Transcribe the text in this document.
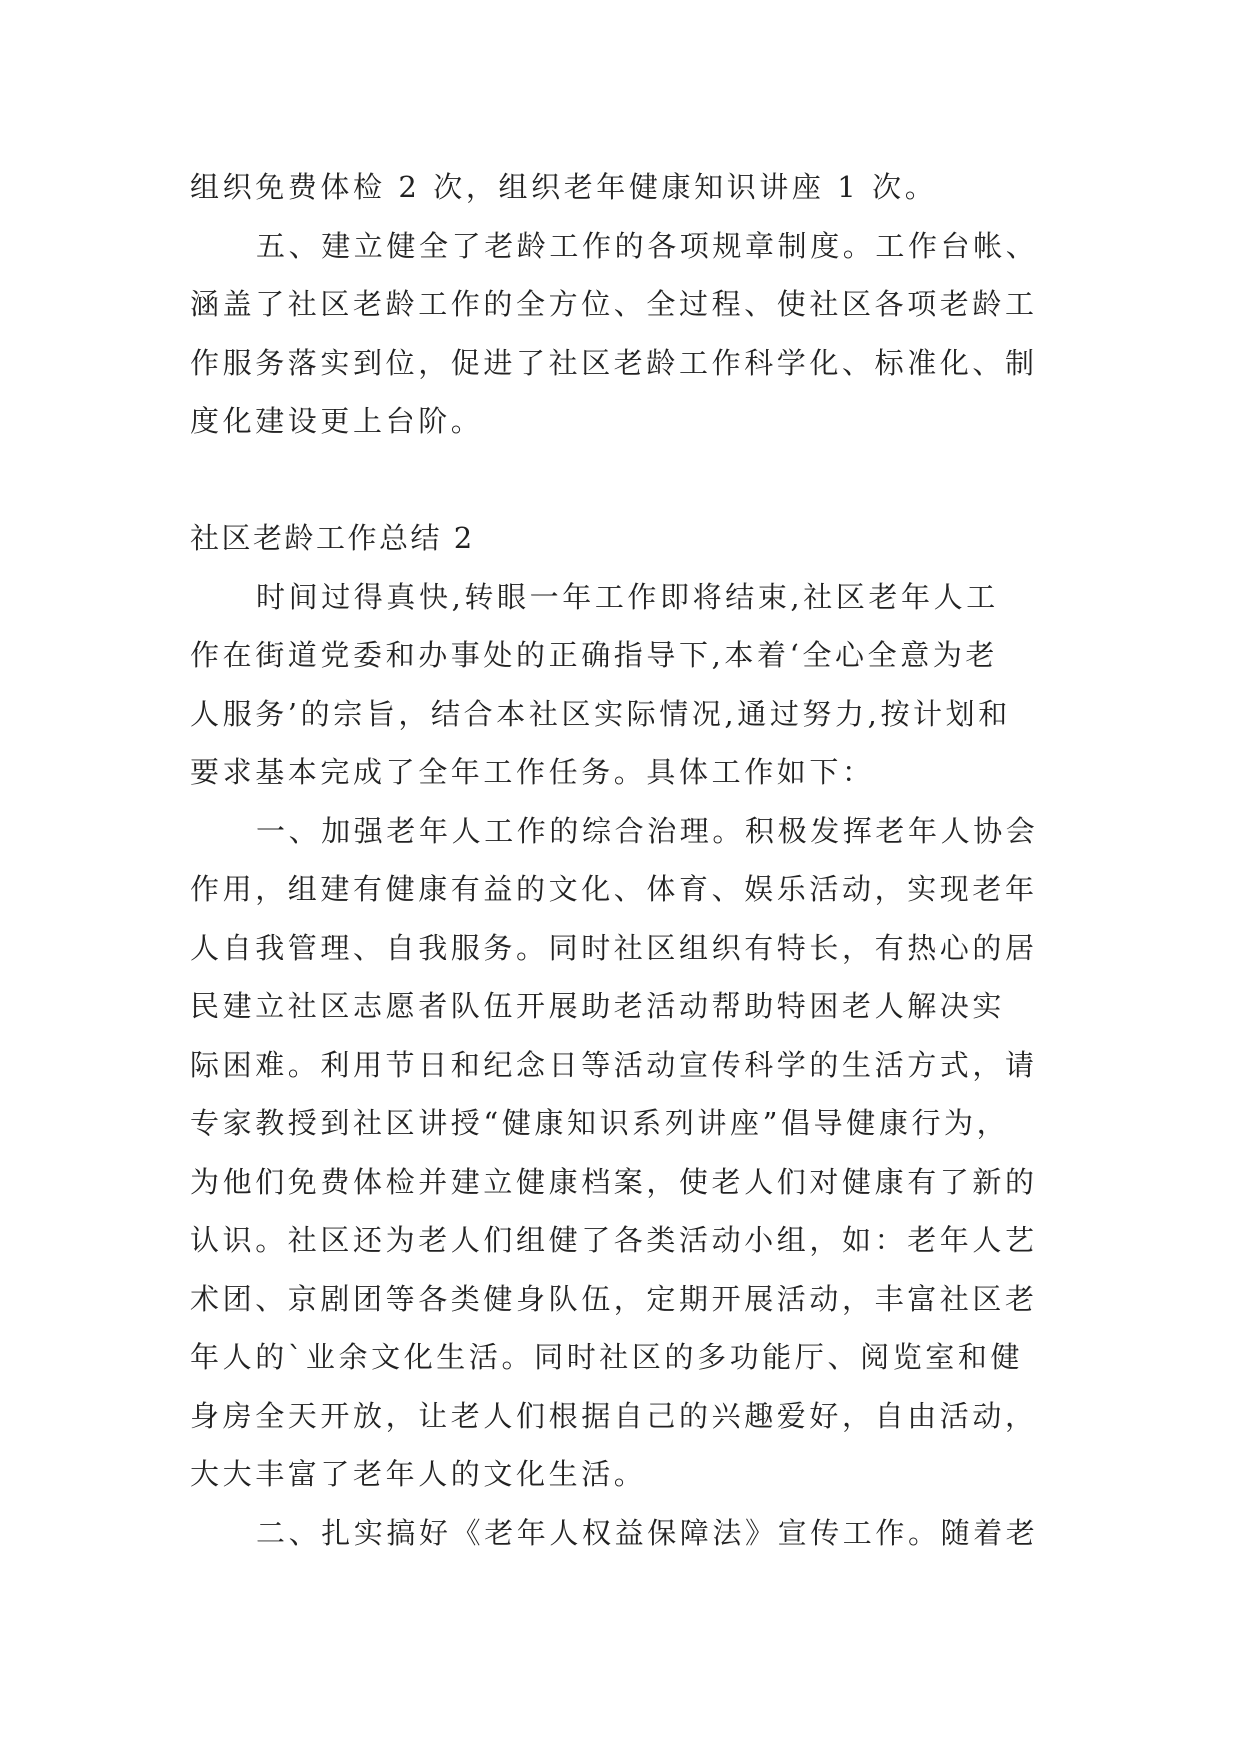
组织免费体检 2 次，组织老年健康知识讲座 1 次。
五、建立健全了老龄工作的各项规章制度。工作台帐、
涵盖了社区老龄工作的全方位、全过程、使社区各项老龄工
作服务落实到位，促进了社区老龄工作科学化、标准化、制
度化建设更上台阶。
社区老龄工作总结 2
时间过得真快,转眼一年工作即将结束,社区老年人工
作在街道党委和办事处的正确指导下,本着‘全心全意为老
人服务’的宗旨，结合本社区实际情况,通过努力,按计划和
要求基本完成了全年工作任务。具体工作如下：
一、加强老年人工作的综合治理。积极发挥老年人协会
作用，组建有健康有益的文化、体育、娱乐活动，实现老年
人自我管理、自我服务。同时社区组织有特长，有热心的居
民建立社区志愿者队伍开展助老活动帮助特困老人解决实
际困难。利用节日和纪念日等活动宣传科学的生活方式，请
专家教授到社区讲授“健康知识系列讲座”倡导健康行为，
为他们免费体检并建立健康档案，使老人们对健康有了新的
认识。社区还为老人们组健了各类活动小组，如：老年人艺
术团、京剧团等各类健身队伍，定期开展活动，丰富社区老
年人的`业余文化生活。同时社区的多功能厅、阅览室和健
身房全天开放，让老人们根据自己的兴趣爱好，自由活动，
大大丰富了老年人的文化生活。
二、扎实搞好《老年人权益保障法》宣传工作。随着老
